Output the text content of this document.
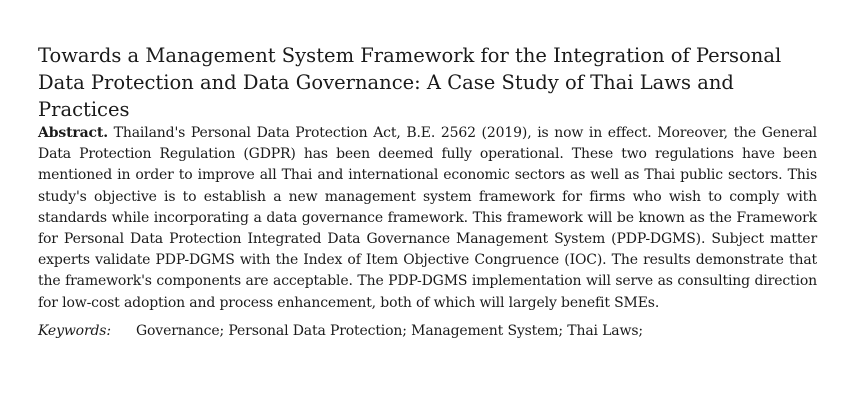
Towards a Management System Framework for the Integration of Personal Data Protection and Data Governance: A Case Study of Thai Laws and Practices

Abstract. Thailand's Personal Data Protection Act, B.E. 2562 (2019), is now in effect. Moreover, the General Data Protection Regulation (GDPR) has been deemed fully operational. These two regulations have been mentioned in order to improve all Thai and international economic sectors as well as Thai public sectors. This study's objective is to establish a new management system framework for firms who wish to comply with standards while incorporating a data governance framework. This framework will be known as the Framework for Personal Data Protection Integrated Data Governance Management System (PDP-DGMS). Subject matter experts validate PDP-DGMS with the Index of Item Objective Congruence (IOC). The results demonstrate that the framework's components are acceptable. The PDP-DGMS implementation will serve as consulting direction for low-cost adoption and process enhancement, both of which will largely benefit SMEs.

Keywords: Governance; Personal Data Protection; Management System; Thai Laws;
